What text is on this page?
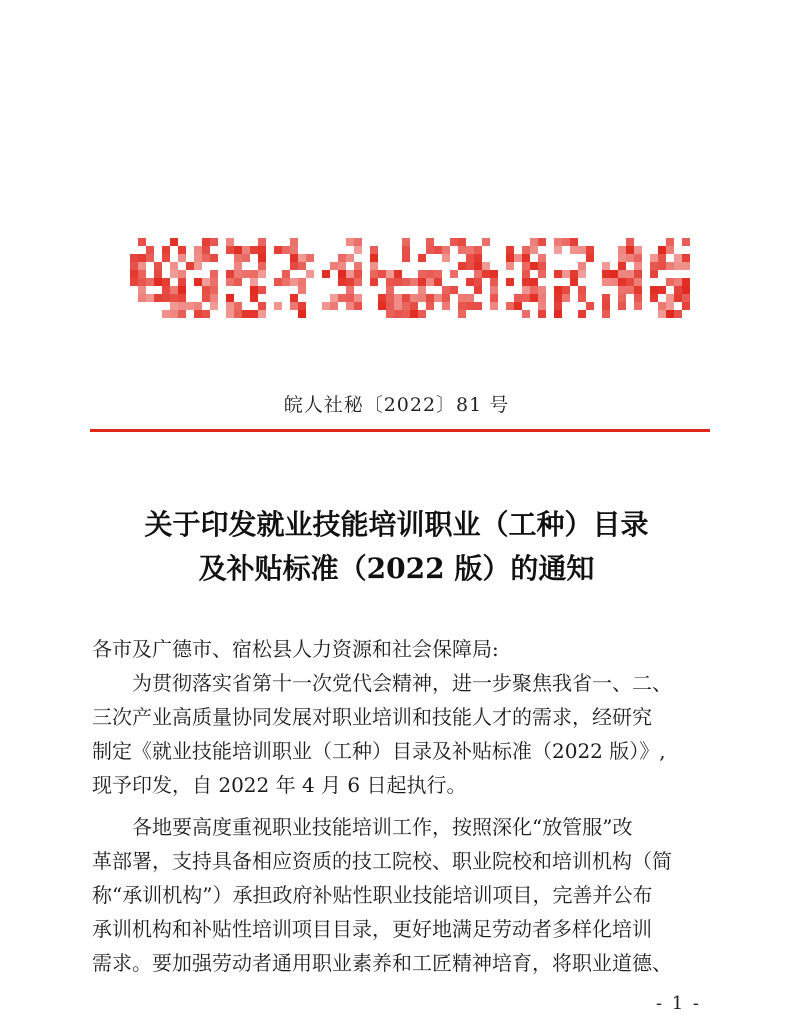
皖人社秘〔2022〕81 号
关于印发就业技能培训职业（工种）目录
及补贴标准（2022 版）的通知

各市及广德市、宿松县人力资源和社会保障局:

为贯彻落实省第十一次党代会精神，进一步聚焦我省一、二、

三次产业高质量协同发展对职业培训和技能人才的需求，经研究

制定《就业技能培训职业（工种）目录及补贴标准（2022 版）》,

现予印发，自 2022 年 4 月 6 日起执行。

各地要高度重视职业技能培训工作，按照深化“放管服”改

革部署，支持具备相应资质的技工院校、职业院校和培训机构（简

称“承训机构”）承担政府补贴性职业技能培训项目，完善并公布

承训机构和补贴性培训项目目录，更好地满足劳动者多样化培训

需求。要加强劳动者通用职业素养和工匠精神培育，将职业道德、

- 1 -
